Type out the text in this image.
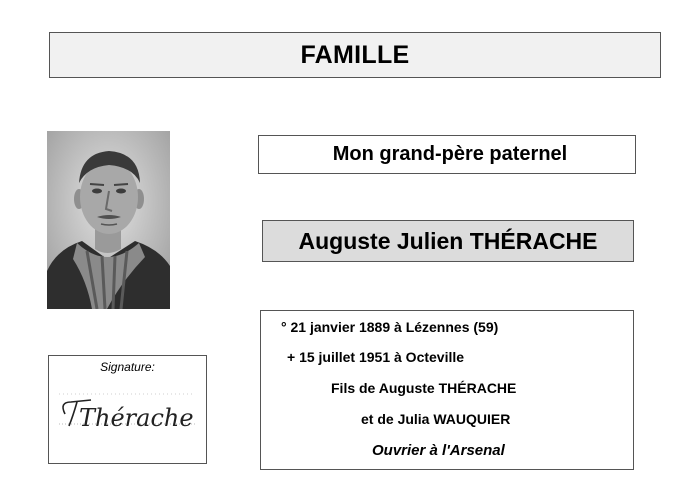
FAMILLE
Mon grand-père paternel
Auguste Julien THÉRACHE
° 21 janvier 1889 à Lézennes (59)
+ 15 juillet 1951 à Octeville
Fils de Auguste THÉRACHE
et de Julia WAUQUIER
Ouvrier à l'Arsenal
Signature:
Thérache
